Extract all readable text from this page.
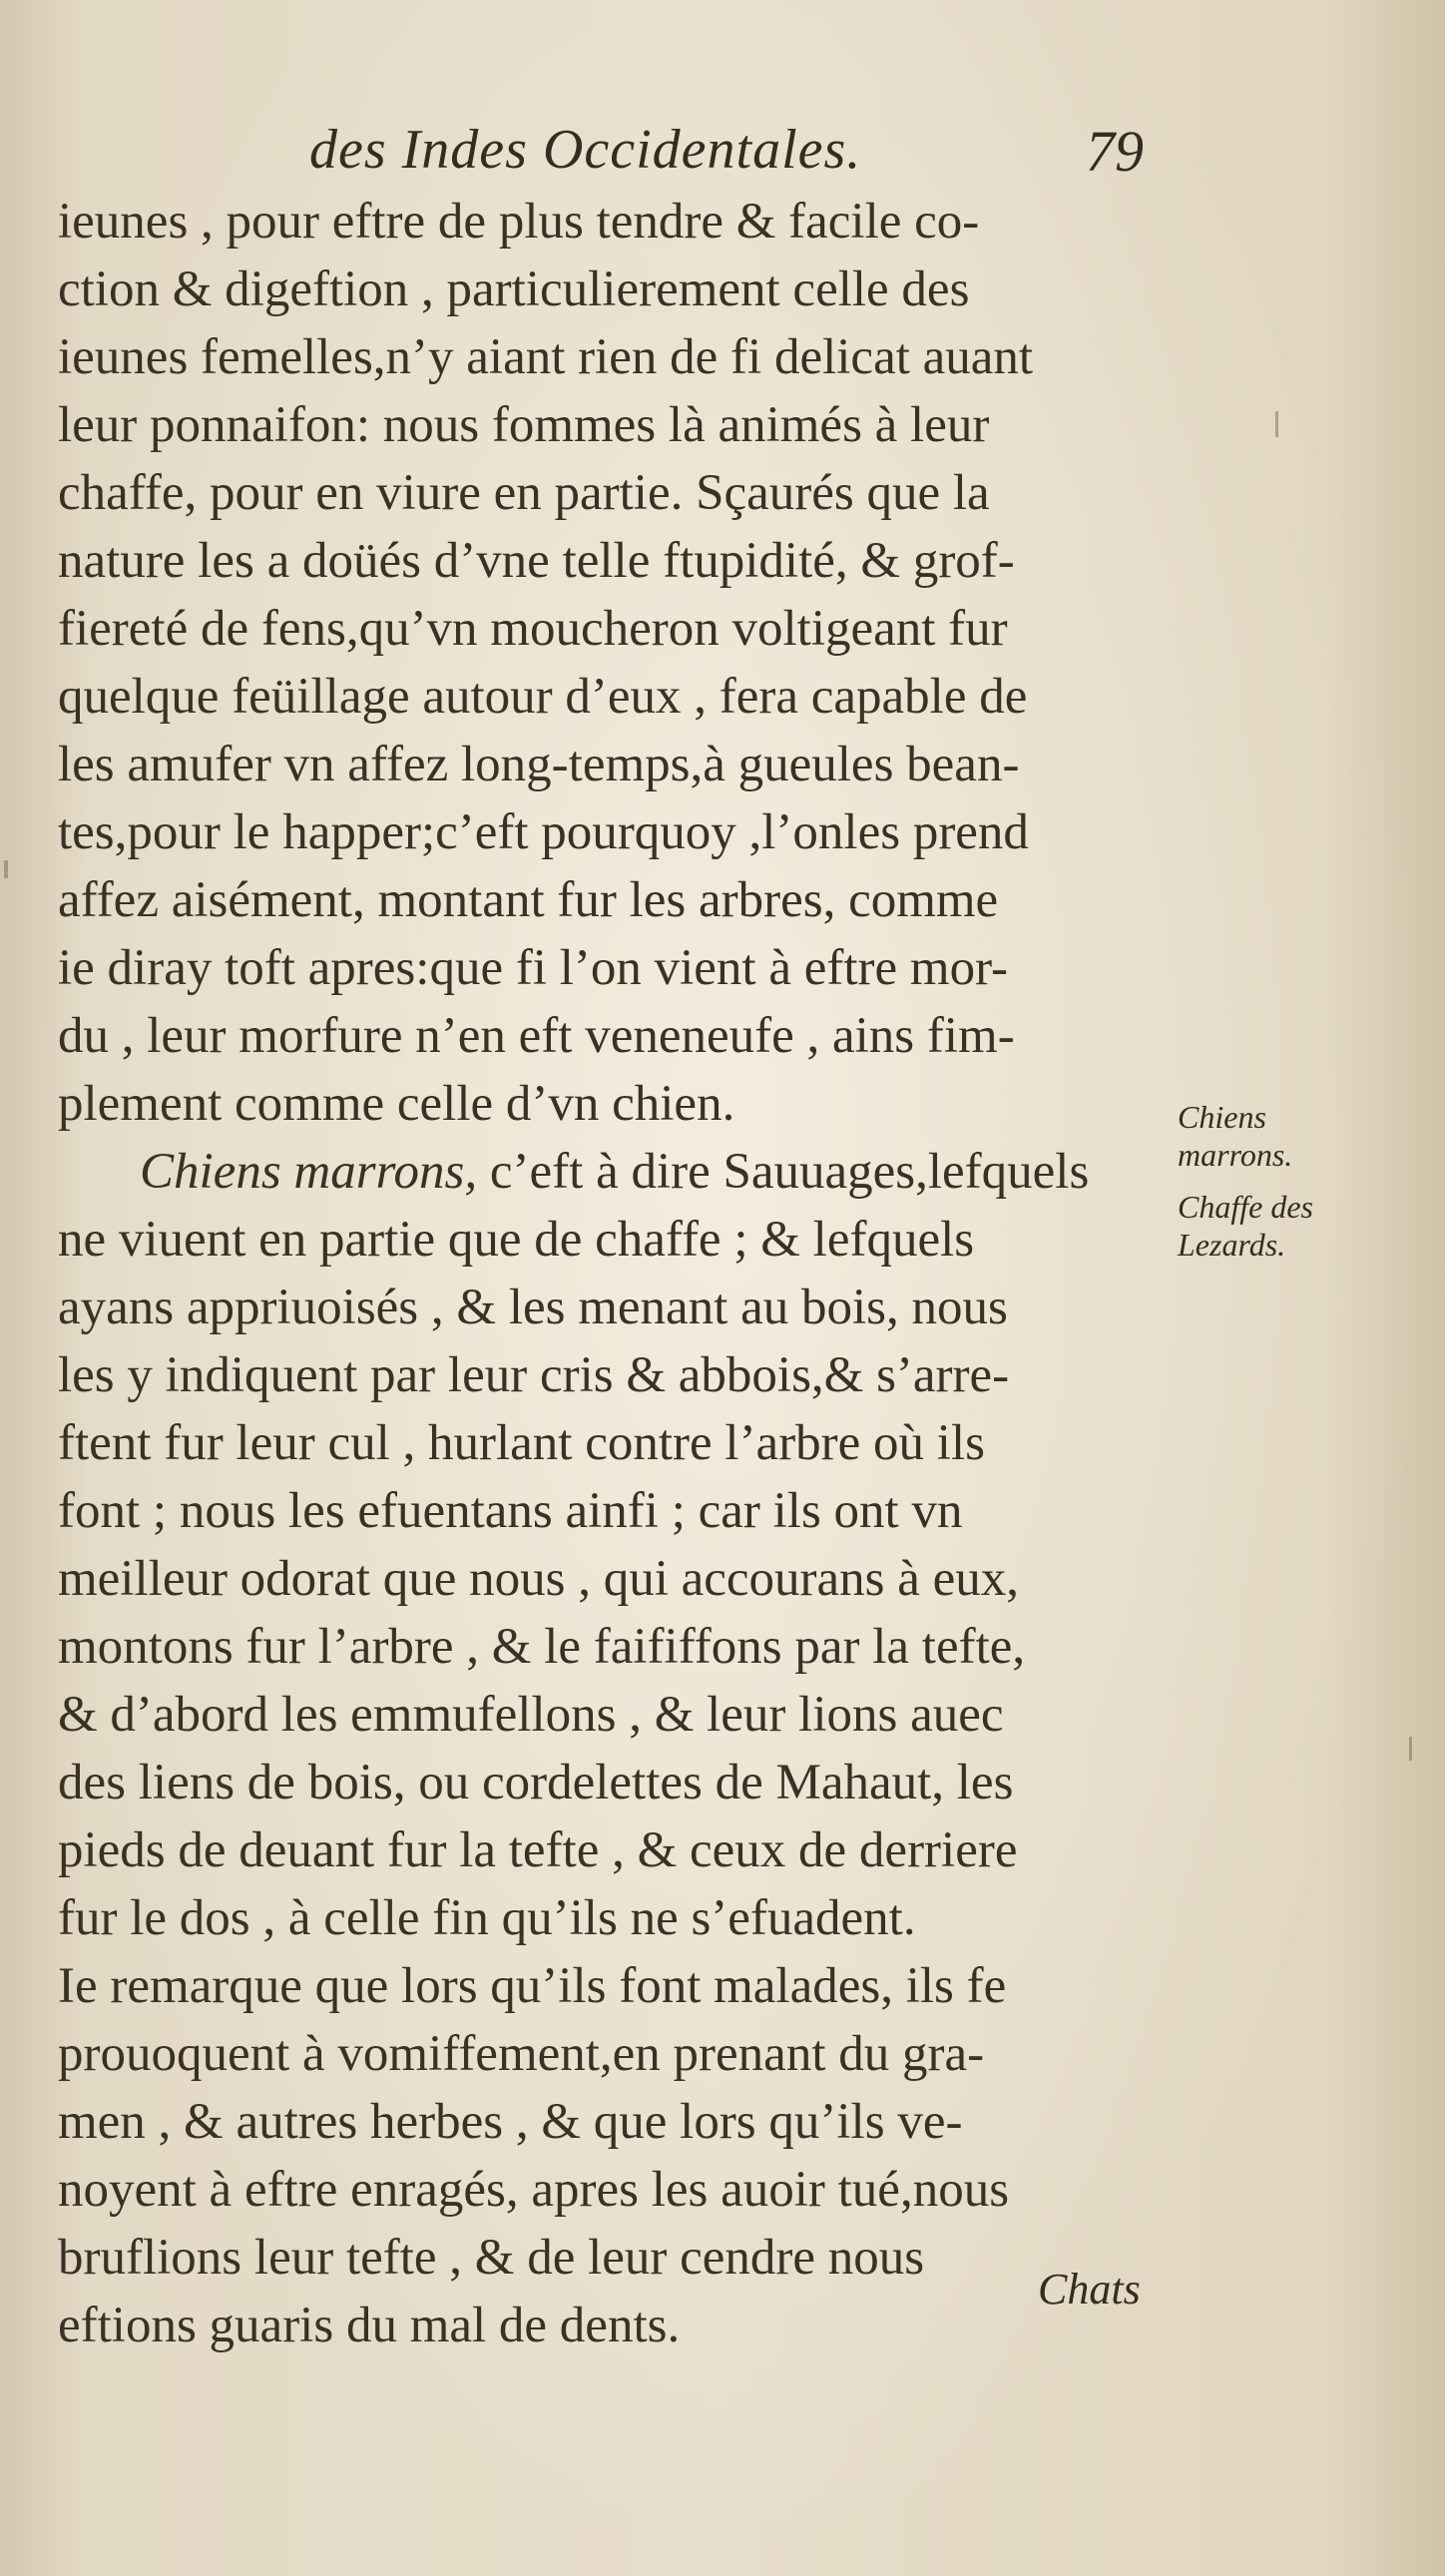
des Indes Occidentales.	79
ieunes , pour eftre de plus tendre & facile co-
ction & digeftion , particulierement celle des
ieunes femelles,n’y aiant rien de fi delicat auant
leur ponnaifon: nous fommes là animés à leur
chaffe, pour en viure en partie. Sçaurés que la
nature les a doüés d’vne telle ftupidité, & grof-
fiereté de fens,qu’vn moucheron voltigeant fur
quelque feüillage autour d’eux , fera capable de
les amufer vn affez long-temps,à gueules bean-
tes,pour le happer;c’eft pourquoy ,l’onles prend
affez aisément, montant fur les arbres, comme
ie diray toft apres:que fi l’on vient à eftre mor-
du , leur morfure n’en eft veneneufe , ains fim-
plement comme celle d’vn chien.
Chiens marrons, c’eft à dire Sauuages,lefquels
ne viuent en partie que de chaffe ; & lefquels
ayans appriuoisés , & les menant au bois, nous
les y indiquent par leur cris & abbois,& s’arre-
ftent fur leur cul , hurlant contre l’arbre où ils
font ; nous les efuentans ainfi ; car ils ont vn
meilleur odorat que nous , qui accourans à eux,
montons fur l’arbre , & le faififfons par la tefte,
& d’abord les emmufellons , & leur lions auec
des liens de bois, ou cordelettes de Mahaut, les
pieds de deuant fur la tefte , & ceux de derriere
fur le dos , à celle fin qu’ils ne s’efuadent.
Ie remarque que lors qu’ils font malades, ils fe
prouoquent à vomiffement,en prenant du gra-
men , & autres herbes , & que lors qu’ils ve-
noyent à eftre enragés, apres les auoir tué,nous
bruflions leur tefte , & de leur cendre nous
eftions guaris du mal de dents.
Chiens
marrons.
Chaffe des
Lezards.
Chats
